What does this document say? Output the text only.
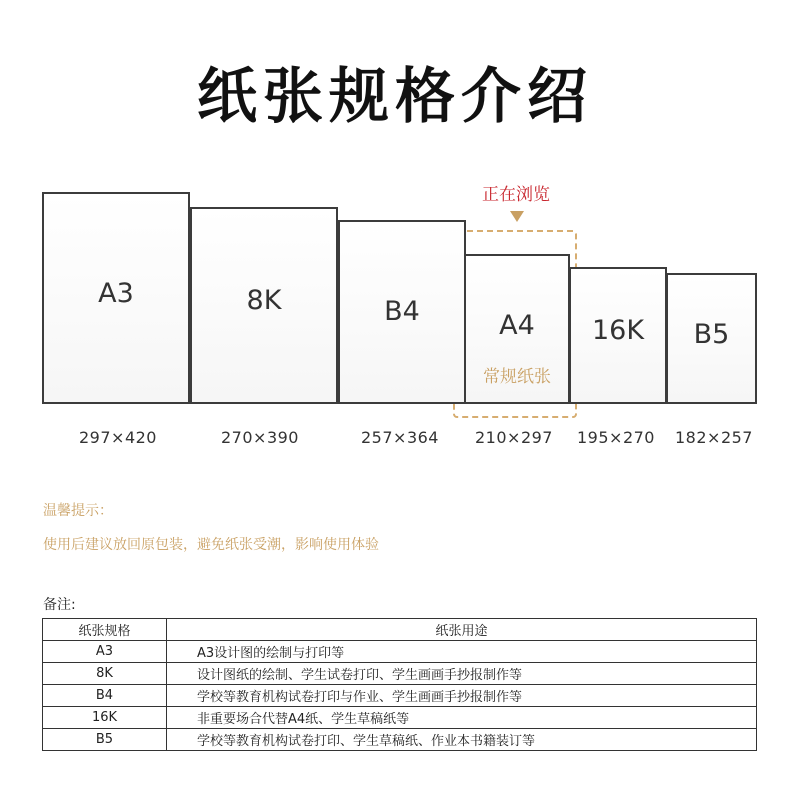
纸张规格介绍
正在浏览
A3	8K	B4	A4
常规纸张
16K	B5
297×420	270×390	257×364	210×297	195×270	182×257
温馨提示：
使用后建议放回原包装，避免纸张受潮，影响使用体验
备注:
纸张规格	纸张用途
A3	A3设计图的绘制与打印等
8K	设计图纸的绘制、学生试卷打印、学生画画手抄报制作等
B4	学校等教育机构试卷打印与作业、学生画画手抄报制作等
16K	非重要场合代替A4纸、学生草稿纸等
B5	学校等教育机构试卷打印、学生草稿纸、作业本书籍装订等
